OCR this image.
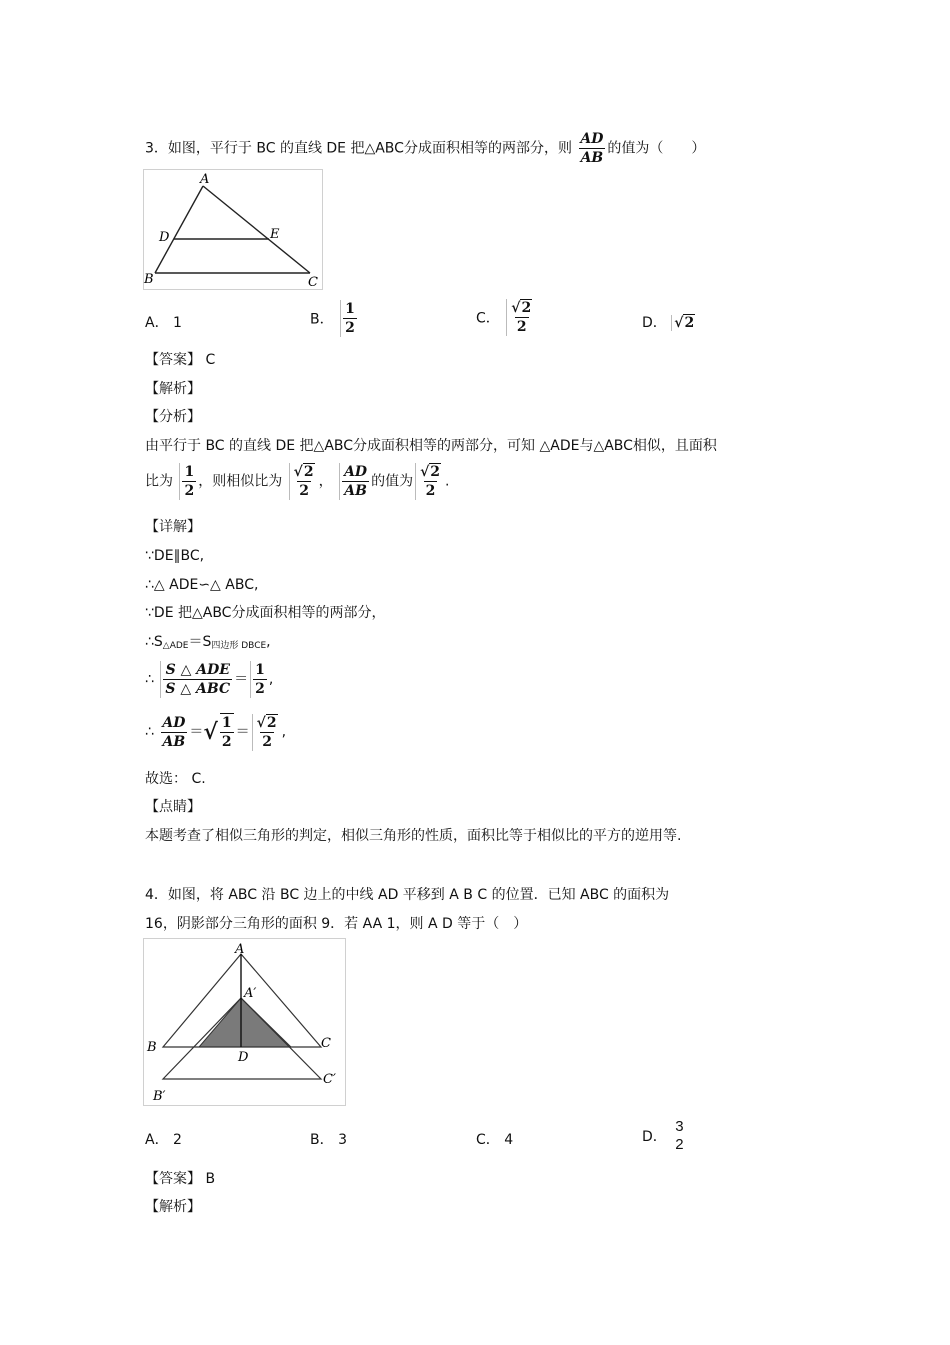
3．如图，平行于 BC 的直线 DE 把△ABC分成面积相等的两部分，则 $\frac{AD}{AB}$ 的值为（　　）
A
D	E
B	C
A． 1	B． $\frac{1}{2}$	C． $\frac{√2}{2}$	D． √2
【答案】 C
【解析】
【分析】
由平行于 BC 的直线 DE 把△ABC分成面积相等的两部分，可知 △ADE与△ABC相似，且面积
比为 $\frac{1}{2}$ ，则相似比为 $\frac{√2}{2}$ ， $\frac{AD}{AB}$ 的值为 $\frac{√2}{2}$ .
【详解】
∵DE∥BC,
∴△ ADE∽△ ABC,
∵DE 把△ABC分成面积相等的两部分，
$\therefore S_{\triangle ADE}=S_{四边形 DBCE}$,
∴ $\frac{\text{S △ ADE}}{\text{S △ ABC}} = \frac{1}{2}$ ,
∴ $\frac{AD}{AB}$ ＝√ $\frac{1}{2} = \frac{√2}{2}$ ,
故选： C.
【点睛】
本题考查了相似三角形的判定，相似三角形的性质，面积比等于相似比的平方的逆用等.
4．如图，将 ABC 沿 BC 边上的中线 AD 平移到 A B C 的位置．已知 ABC 的面积为
16，阴影部分三角形的面积 9．若 AA 1，则 A D 等于（　）
A
A′
B	C
D
B′
C′
A． 2	B． 3	C． 4	D．
3
2
【答案】 B
【解析】
